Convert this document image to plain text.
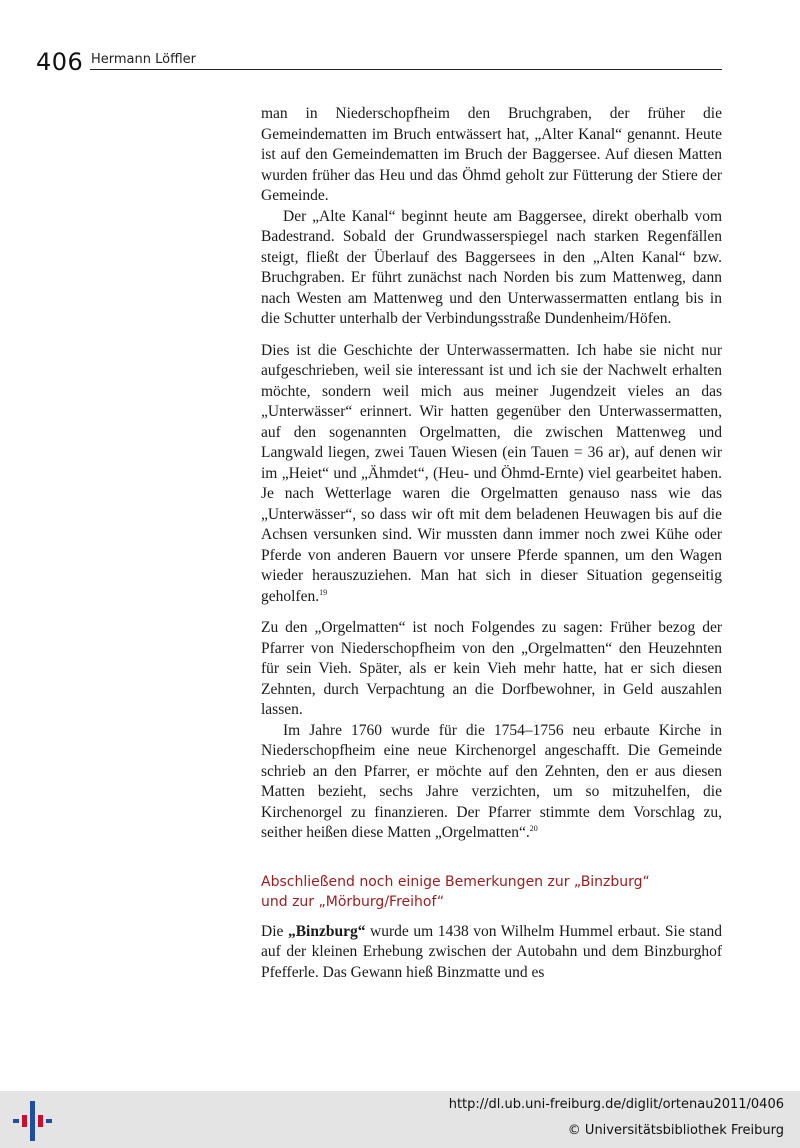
406 Hermann Löffler

man in Niederschopfheim den Bruchgraben, der früher die Gemeindematten im Bruch entwässert hat, „Alter Kanal“ genannt. Heute ist auf den Gemeindematten im Bruch der Baggersee. Auf diesen Matten wurden früher das Heu und das Öhmd geholt zur Fütterung der Stiere der Gemeinde.

Der „Alte Kanal“ beginnt heute am Baggersee, direkt oberhalb vom Badestrand. Sobald der Grundwasserspiegel nach starken Regenfällen steigt, fließt der Überlauf des Baggersees in den „Alten Kanal“ bzw. Bruchgraben. Er führt zunächst nach Norden bis zum Mattenweg, dann nach Westen am Mattenweg und den Unterwassermatten entlang bis in die Schutter unterhalb der Verbindungsstraße Dundenheim/Höfen.

Dies ist die Geschichte der Unterwassermatten. Ich habe sie nicht nur aufgeschrieben, weil sie interessant ist und ich sie der Nachwelt erhalten möchte, sondern weil mich aus meiner Jugendzeit vieles an das „Unterwässer“ erinnert. Wir hatten gegenüber den Unterwassermatten, auf den sogenannten Orgelmatten, die zwischen Mattenweg und Langwald liegen, zwei Tauen Wiesen (ein Tauen = 36 ar), auf denen wir im „Heiet“ und „Ähmdet“, (Heu- und Öhmd-Ernte) viel gearbeitet haben. Je nach Wetterlage waren die Orgelmatten genauso nass wie das „Unterwässer“, so dass wir oft mit dem beladenen Heuwagen bis auf die Achsen versunken sind. Wir mussten dann immer noch zwei Kühe oder Pferde von anderen Bauern vor unsere Pferde spannen, um den Wagen wieder herauszuziehen. Man hat sich in dieser Situation gegenseitig geholfen.$^{19}$

Zu den „Orgelmatten“ ist noch Folgendes zu sagen: Früher bezog der Pfarrer von Niederschopfheim von den „Orgelmatten“ den Heuzehnten für sein Vieh. Später, als er kein Vieh mehr hatte, hat er sich diesen Zehnten, durch Verpachtung an die Dorfbewohner, in Geld auszahlen lassen.

Im Jahre 1760 wurde für die 1754–1756 neu erbaute Kirche in Niederschopfheim eine neue Kirchenorgel angeschafft. Die Gemeinde schrieb an den Pfarrer, er möchte auf den Zehnten, den er aus diesen Matten bezieht, sechs Jahre verzichten, um so mitzuhelfen, die Kirchenorgel zu finanzieren. Der Pfarrer stimmte dem Vorschlag zu, seither heißen diese Matten „Orgelmatten“.$^{20}$

Abschließend noch einige Bemerkungen zur „Binzburg“
und zur „Mörburg/Freihof“

Die „Binzburg“ wurde um 1438 von Wilhelm Hummel erbaut. Sie stand auf der kleinen Erhebung zwischen der Autobahn und dem Binzburghof Pfefferle. Das Gewann hieß Binzmatte und es

http://dl.ub.uni-freiburg.de/diglit/ortenau2011/0406
© Universitätsbibliothek Freiburg
